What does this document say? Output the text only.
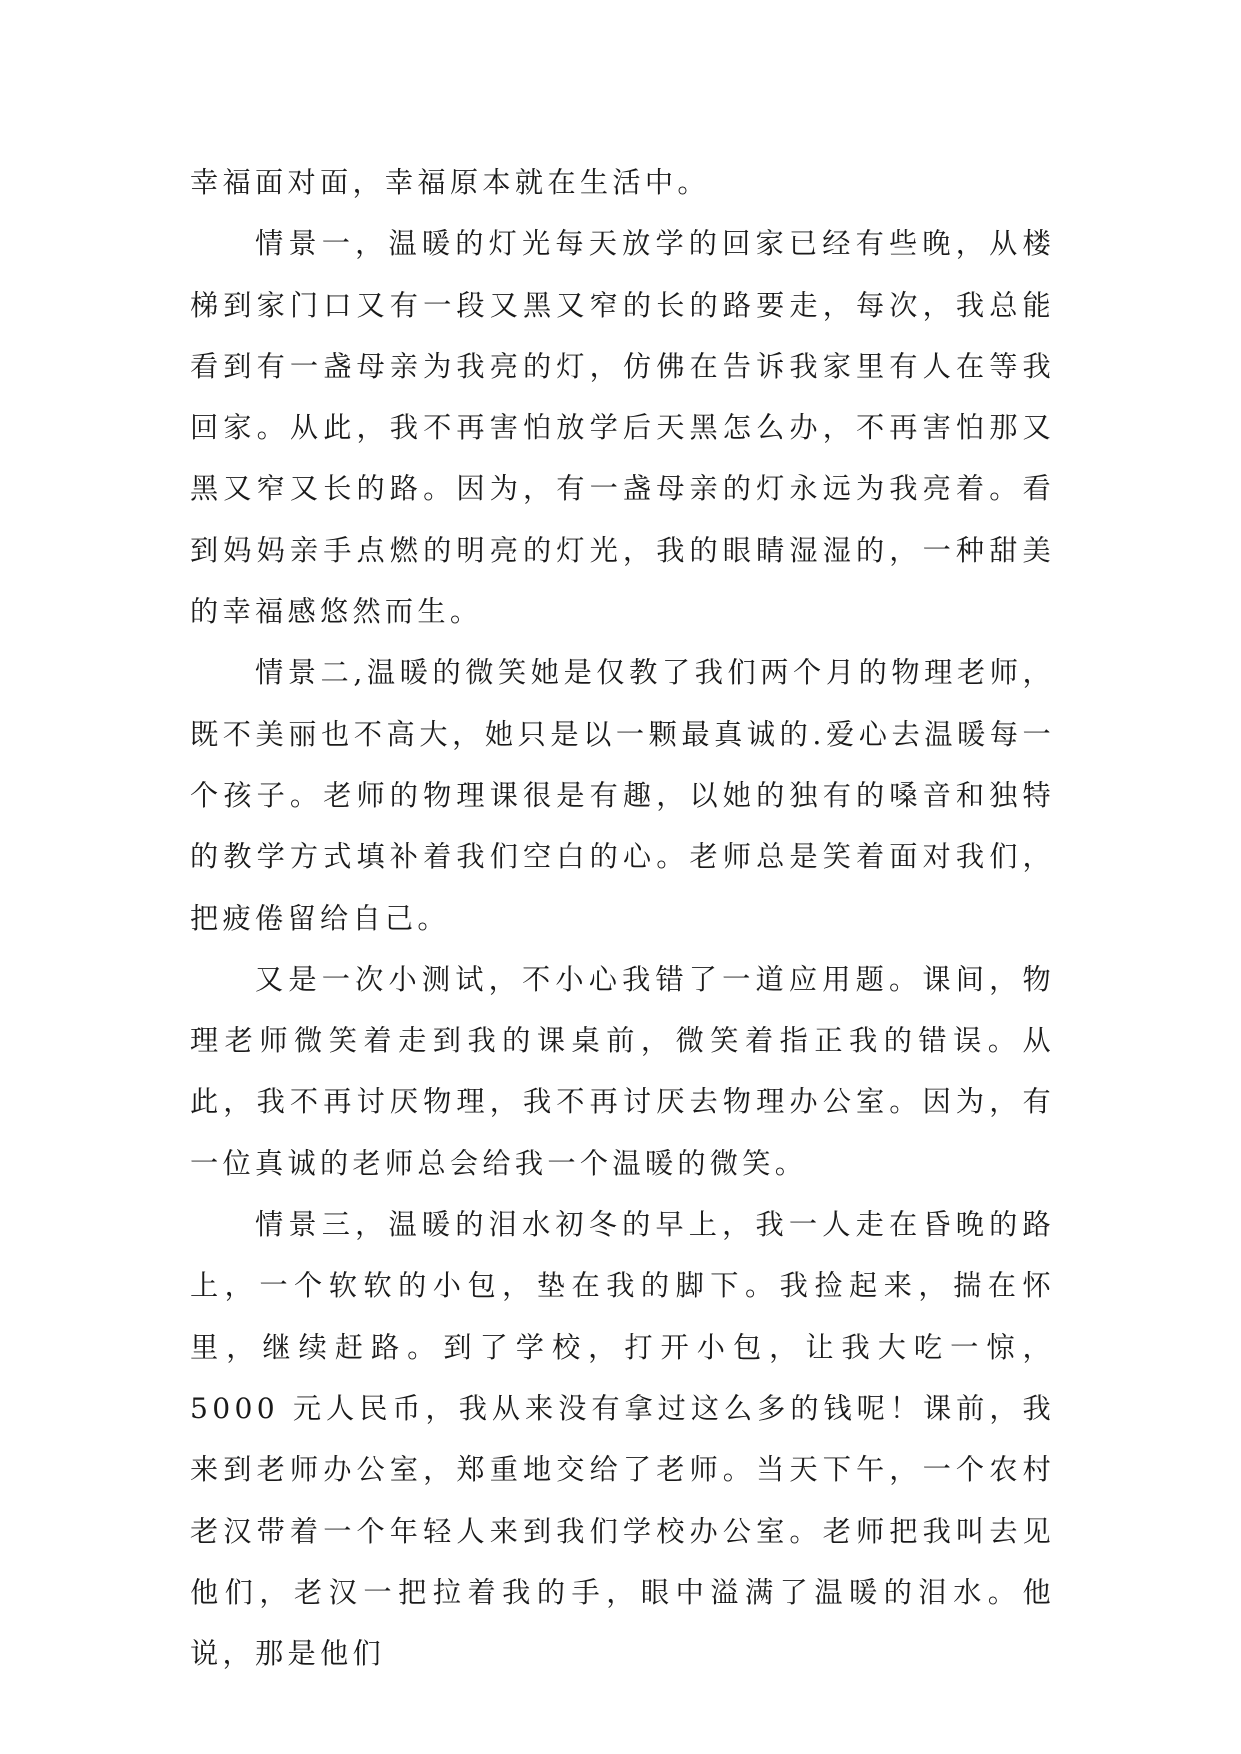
幸福面对面，幸福原本就在生活中。

情景一，温暖的灯光每天放学的回家已经有些晚，从楼梯到家门口又有一段又黑又窄的长的路要走，每次，我总能看到有一盏母亲为我亮的灯，仿佛在告诉我家里有人在等我回家。从此，我不再害怕放学后天黑怎么办，不再害怕那又黑又窄又长的路。因为，有一盏母亲的灯永远为我亮着。看到妈妈亲手点燃的明亮的灯光，我的眼睛湿湿的，一种甜美的幸福感悠然而生。

情景二,温暖的微笑她是仅教了我们两个月的物理老师，既不美丽也不高大，她只是以一颗最真诚的.爱心去温暖每一个孩子。老师的物理课很是有趣，以她的独有的嗓音和独特的教学方式填补着我们空白的心。老师总是笑着面对我们，把疲倦留给自己。

又是一次小测试，不小心我错了一道应用题。课间，物理老师微笑着走到我的课桌前，微笑着指正我的错误。从此，我不再讨厌物理，我不再讨厌去物理办公室。因为，有一位真诚的老师总会给我一个温暖的微笑。

情景三，温暖的泪水初冬的早上，我一人走在昏晚的路上，一个软软的小包，垫在我的脚下。我捡起来，揣在怀里，继续赶路。到了学校，打开小包，让我大吃一惊，5000 元人民币，我从来没有拿过这么多的钱呢！课前，我来到老师办公室，郑重地交给了老师。当天下午，一个农村老汉带着一个年轻人来到我们学校办公室。老师把我叫去见他们，老汉一把拉着我的手，眼中溢满了温暖的泪水。他说，那是他们
